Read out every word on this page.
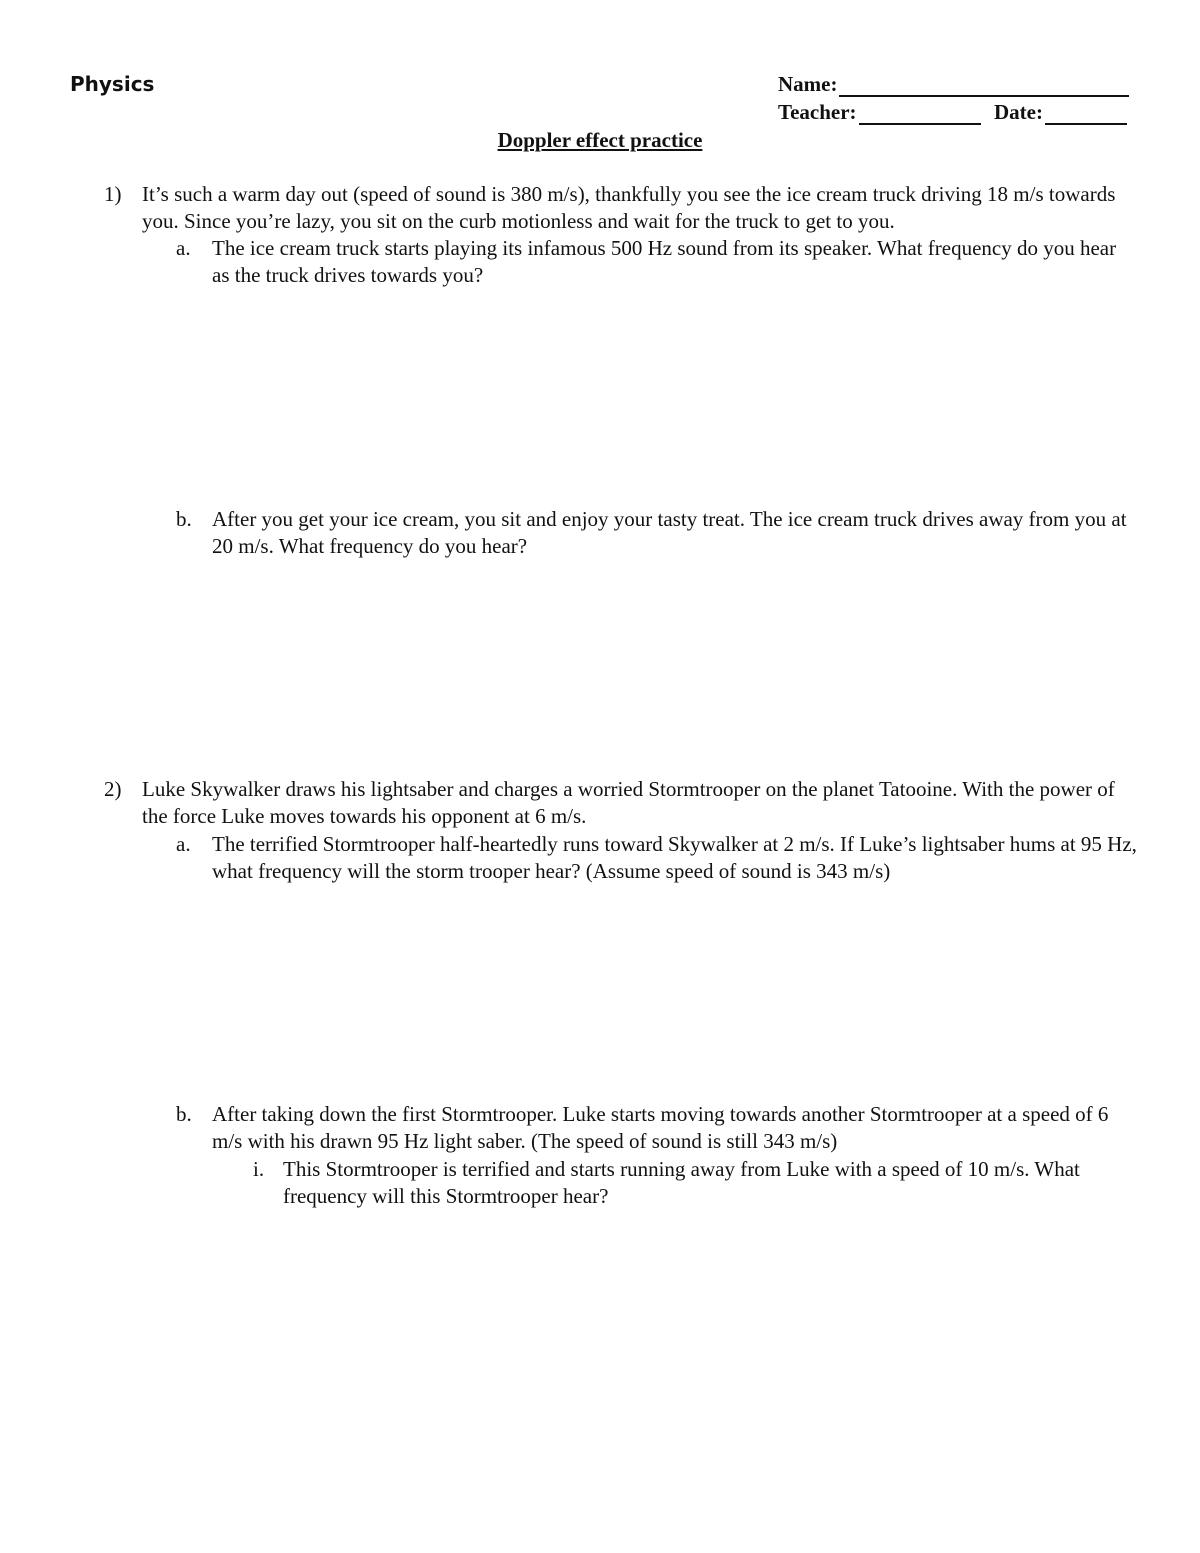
Physics	Name:
Teacher:	Date:
Doppler effect practice
1) It’s such a warm day out (speed of sound is 380 m/s), thankfully you see the ice cream truck driving 18 m/s towards you. Since you’re lazy, you sit on the curb motionless and wait for the truck to get to you.
a. The ice cream truck starts playing its infamous 500 Hz sound from its speaker. What frequency do you hear as the truck drives towards you?
b. After you get your ice cream, you sit and enjoy your tasty treat. The ice cream truck drives away from you at 20 m/s. What frequency do you hear?
2) Luke Skywalker draws his lightsaber and charges a worried Stormtrooper on the planet Tatooine. With the power of the force Luke moves towards his opponent at 6 m/s.
a. The terrified Stormtrooper half-heartedly runs toward Skywalker at 2 m/s. If Luke’s lightsaber hums at 95 Hz, what frequency will the storm trooper hear? (Assume speed of sound is 343 m/s)
b. After taking down the first Stormtrooper. Luke starts moving towards another Stormtrooper at a speed of 6 m/s with his drawn 95 Hz light saber. (The speed of sound is still 343 m/s)
i. This Stormtrooper is terrified and starts running away from Luke with a speed of 10 m/s. What frequency will this Stormtrooper hear?
